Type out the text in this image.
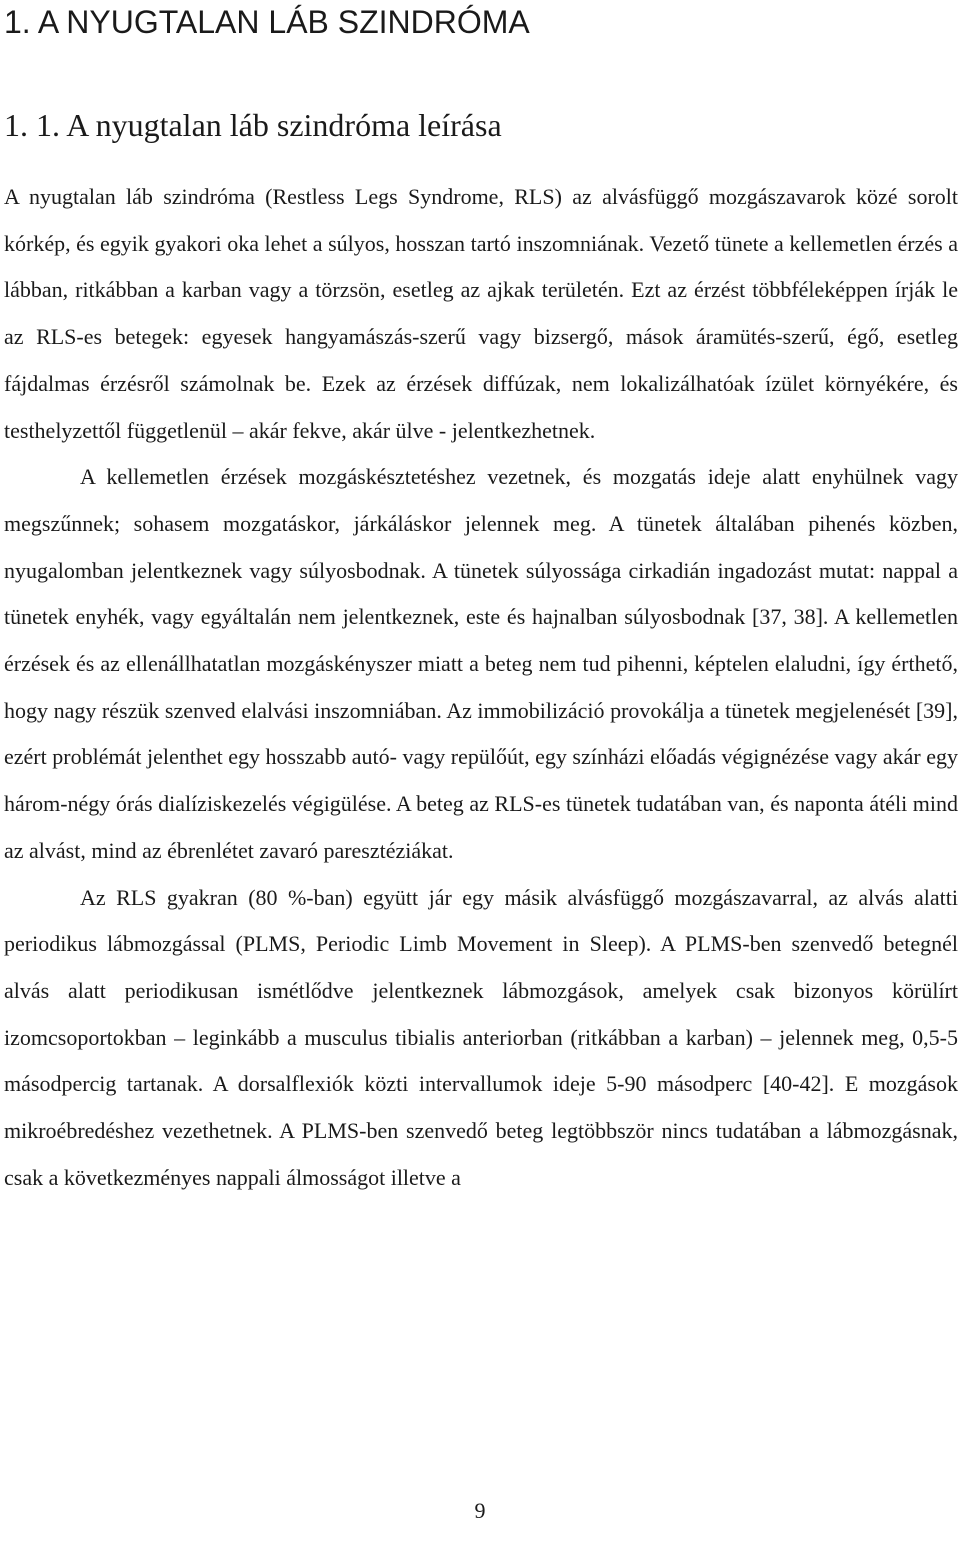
1. A NYUGTALAN LÁB SZINDRÓMA
1. 1. A nyugtalan láb szindróma leírása

A nyugtalan láb szindróma (Restless Legs Syndrome, RLS) az alvásfüggő mozgászavarok közé sorolt kórkép, és egyik gyakori oka lehet a súlyos, hosszan tartó inszomniának. Vezető tünete a kellemetlen érzés a lábban, ritkábban a karban vagy a törzsön, esetleg az ajkak területén. Ezt az érzést többféleképpen írják le az RLS-es betegek: egyesek hangyamászás-szerű vagy bizsergő, mások áramütés-szerű, égő, esetleg fájdalmas érzésről számolnak be. Ezek az érzések diffúzak, nem lokalizálhatóak ízület környékére, és testhelyzettől függetlenül – akár fekve, akár ülve - jelentkezhetnek.

A kellemetlen érzések mozgáskésztetéshez vezetnek, és mozgatás ideje alatt enyhülnek vagy megszűnnek; sohasem mozgatáskor, járkáláskor jelennek meg. A tünetek általában pihenés közben, nyugalomban jelentkeznek vagy súlyosbodnak. A tünetek súlyossága cirkadián ingadozást mutat: nappal a tünetek enyhék, vagy egyáltalán nem jelentkeznek, este és hajnalban súlyosbodnak [37, 38]. A kellemetlen érzések és az ellenállhatatlan mozgáskényszer miatt a beteg nem tud pihenni, képtelen elaludni, így érthető, hogy nagy részük szenved elalvási inszomniában. Az immobilizáció provokálja a tünetek megjelenését [39], ezért problémát jelenthet egy hosszabb autó- vagy repülőút, egy színházi előadás végignézése vagy akár egy három-négy órás dialíziskezelés végigülése. A beteg az RLS-es tünetek tudatában van, és naponta átéli mind az alvást, mind az ébrenlétet zavaró paresztéziákat.

Az RLS gyakran (80 %-ban) együtt jár egy másik alvásfüggő mozgászavarral, az alvás alatti periodikus lábmozgással (PLMS, Periodic Limb Movement in Sleep). A PLMS-ben szenvedő betegnél alvás alatt periodikusan ismétlődve jelentkeznek lábmozgások, amelyek csak bizonyos körülírt izomcsoportokban – leginkább a musculus tibialis anteriorban (ritkábban a karban) – jelennek meg, 0,5-5 másodpercig tartanak. A dorsalflexiók közti intervallumok ideje 5-90 másodperc [40-42]. E mozgások mikroébredéshez vezethetnek. A PLMS-ben szenvedő beteg legtöbbször nincs tudatában a lábmozgásnak, csak a következményes nappali álmosságot illetve a

9
